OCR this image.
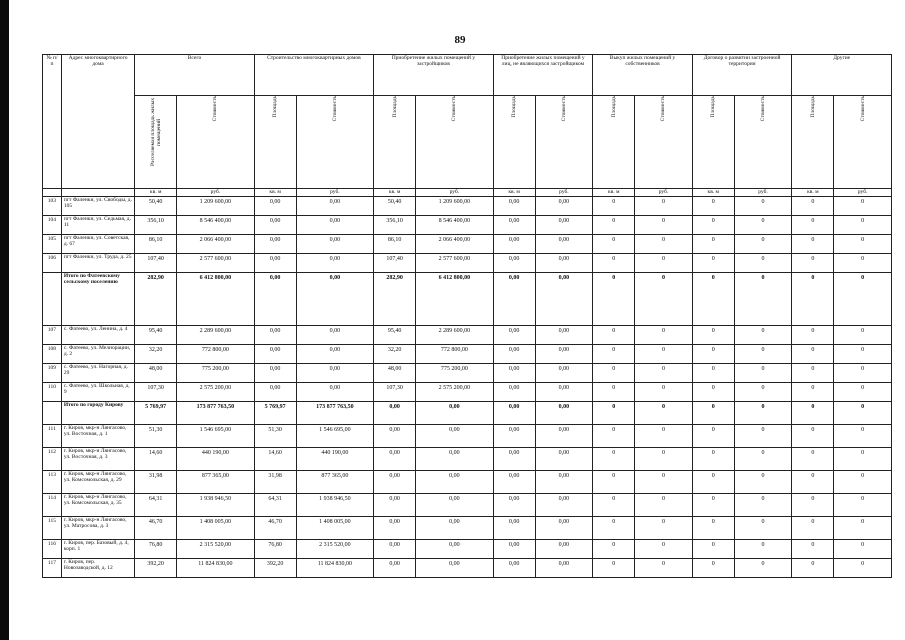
89
№ п/п	Адрес многоквартирного дома	Всего		Строительство многоквартирных домов		Приобретение жилых помещений у застройщиков		Приобретение жилых помещений у лиц, не являющихся застройщиком		Выкуп жилых помещений у собственников		Договор о развитии застроенной территории		Другие	
		Расселяемая площадь жилых помещений	Стоимость	Площадь	Стоимость	Площадь	Стоимость	Площадь	Стоимость	Площадь	Стоимость	Площадь	Стоимость	Площадь	Стоимость
		кв. м	руб.	кв. м	руб.	кв. м	руб.	кв. м	руб.	кв. м	руб.	кв. м	руб.	кв. м	руб.
103	пгт Фаленки, ул. Свободы, д. 105	50,40	1 209 600,00	0,00	0,00	50,40	1 209 600,00	0,00	0,00	0	0	0	0	0	0
104	пгт Фаленки, ул. Седьмая, д. 11	356,10	8 546 400,00	0,00	0,00	356,10	8 546 400,00	0,00	0,00	0	0	0	0	0	0
105	пгт Фаленки, ул. Советская, д. 67	86,10	2 066 400,00	0,00	0,00	86,10	2 066 400,00	0,00	0,00	0	0	0	0	0	0
106	пгт Фаленки, ул. Труда, д. 25	107,40	2 577 600,00	0,00	0,00	107,40	2 577 600,00	0,00	0,00	0	0	0	0	0	0
	Итого по Фатеевскому сельскому поселению	282,90	6 412 800,00	0,00	0,00	282,90	6 412 800,00	0,00	0,00	0	0	0	0	0	0
107	с. Фатеево, ул. Ленина, д. 4	95,40	2 289 600,00	0,00	0,00	95,40	2 289 600,00	0,00	0,00	0	0	0	0	0	0
108	с. Фатеево, ул. Мелиорации, д. 2	32,20	772 800,00	0,00	0,00	32,20	772 800,00	0,00	0,00	0	0	0	0	0	0
109	с. Фатеево, ул. Нагорная, д. 29	48,00	775 200,00	0,00	0,00	48,00	775 200,00	0,00	0,00	0	0	0	0	0	0
110	с. Фатеево, ул. Школьная, д. 9	107,30	2 575 200,00	0,00	0,00	107,30	2 575 200,00	0,00	0,00	0	0	0	0	0	0
	Итого по городу Кирову	5 769,97	173 877 763,50	5 769,97	173 877 763,50	0,00	0,00	0,00	0,00	0	0	0	0	0	0
111	г. Киров, мкр-н Лянгасово, ул. Восточная, д. 1	51,30	1 546 695,00	51,30	1 546 695,00	0,00	0,00	0,00	0,00	0	0	0	0	0	0
112	г. Киров, мкр-н Лянгасово, ул. Восточная, д. 3	14,60	440 190,00	14,60	440 190,00	0,00	0,00	0,00	0,00	0	0	0	0	0	0
113	г. Киров, мкр-н Лянгасово, ул. Комсомольская, д. 29	31,98	877 365,00	31,98	877 365,00	0,00	0,00	0,00	0,00	0	0	0	0	0	0
114	г. Киров, мкр-н Лянгасово, ул. Комсомольская, д. 35	64,31	1 938 946,50	64,31	1 938 946,50	0,00	0,00	0,00	0,00	0	0	0	0	0	0
115	г. Киров, мкр-н Лянгасово, ул. Матросова, д. 3	46,70	1 408 005,00	46,70	1 408 005,00	0,00	0,00	0,00	0,00	0	0	0	0	0	0
116	г. Киров, пер. Базовый, д. 4, корп. 1	76,80	2 315 520,00	76,80	2 315 520,00	0,00	0,00	0,00	0,00	0	0	0	0	0	0
117	г. Киров, пер. Новозаводской, д. 12	392,20	11 824 830,00	392,20	11 824 830,00	0,00	0,00	0,00	0,00	0	0	0	0	0	0
